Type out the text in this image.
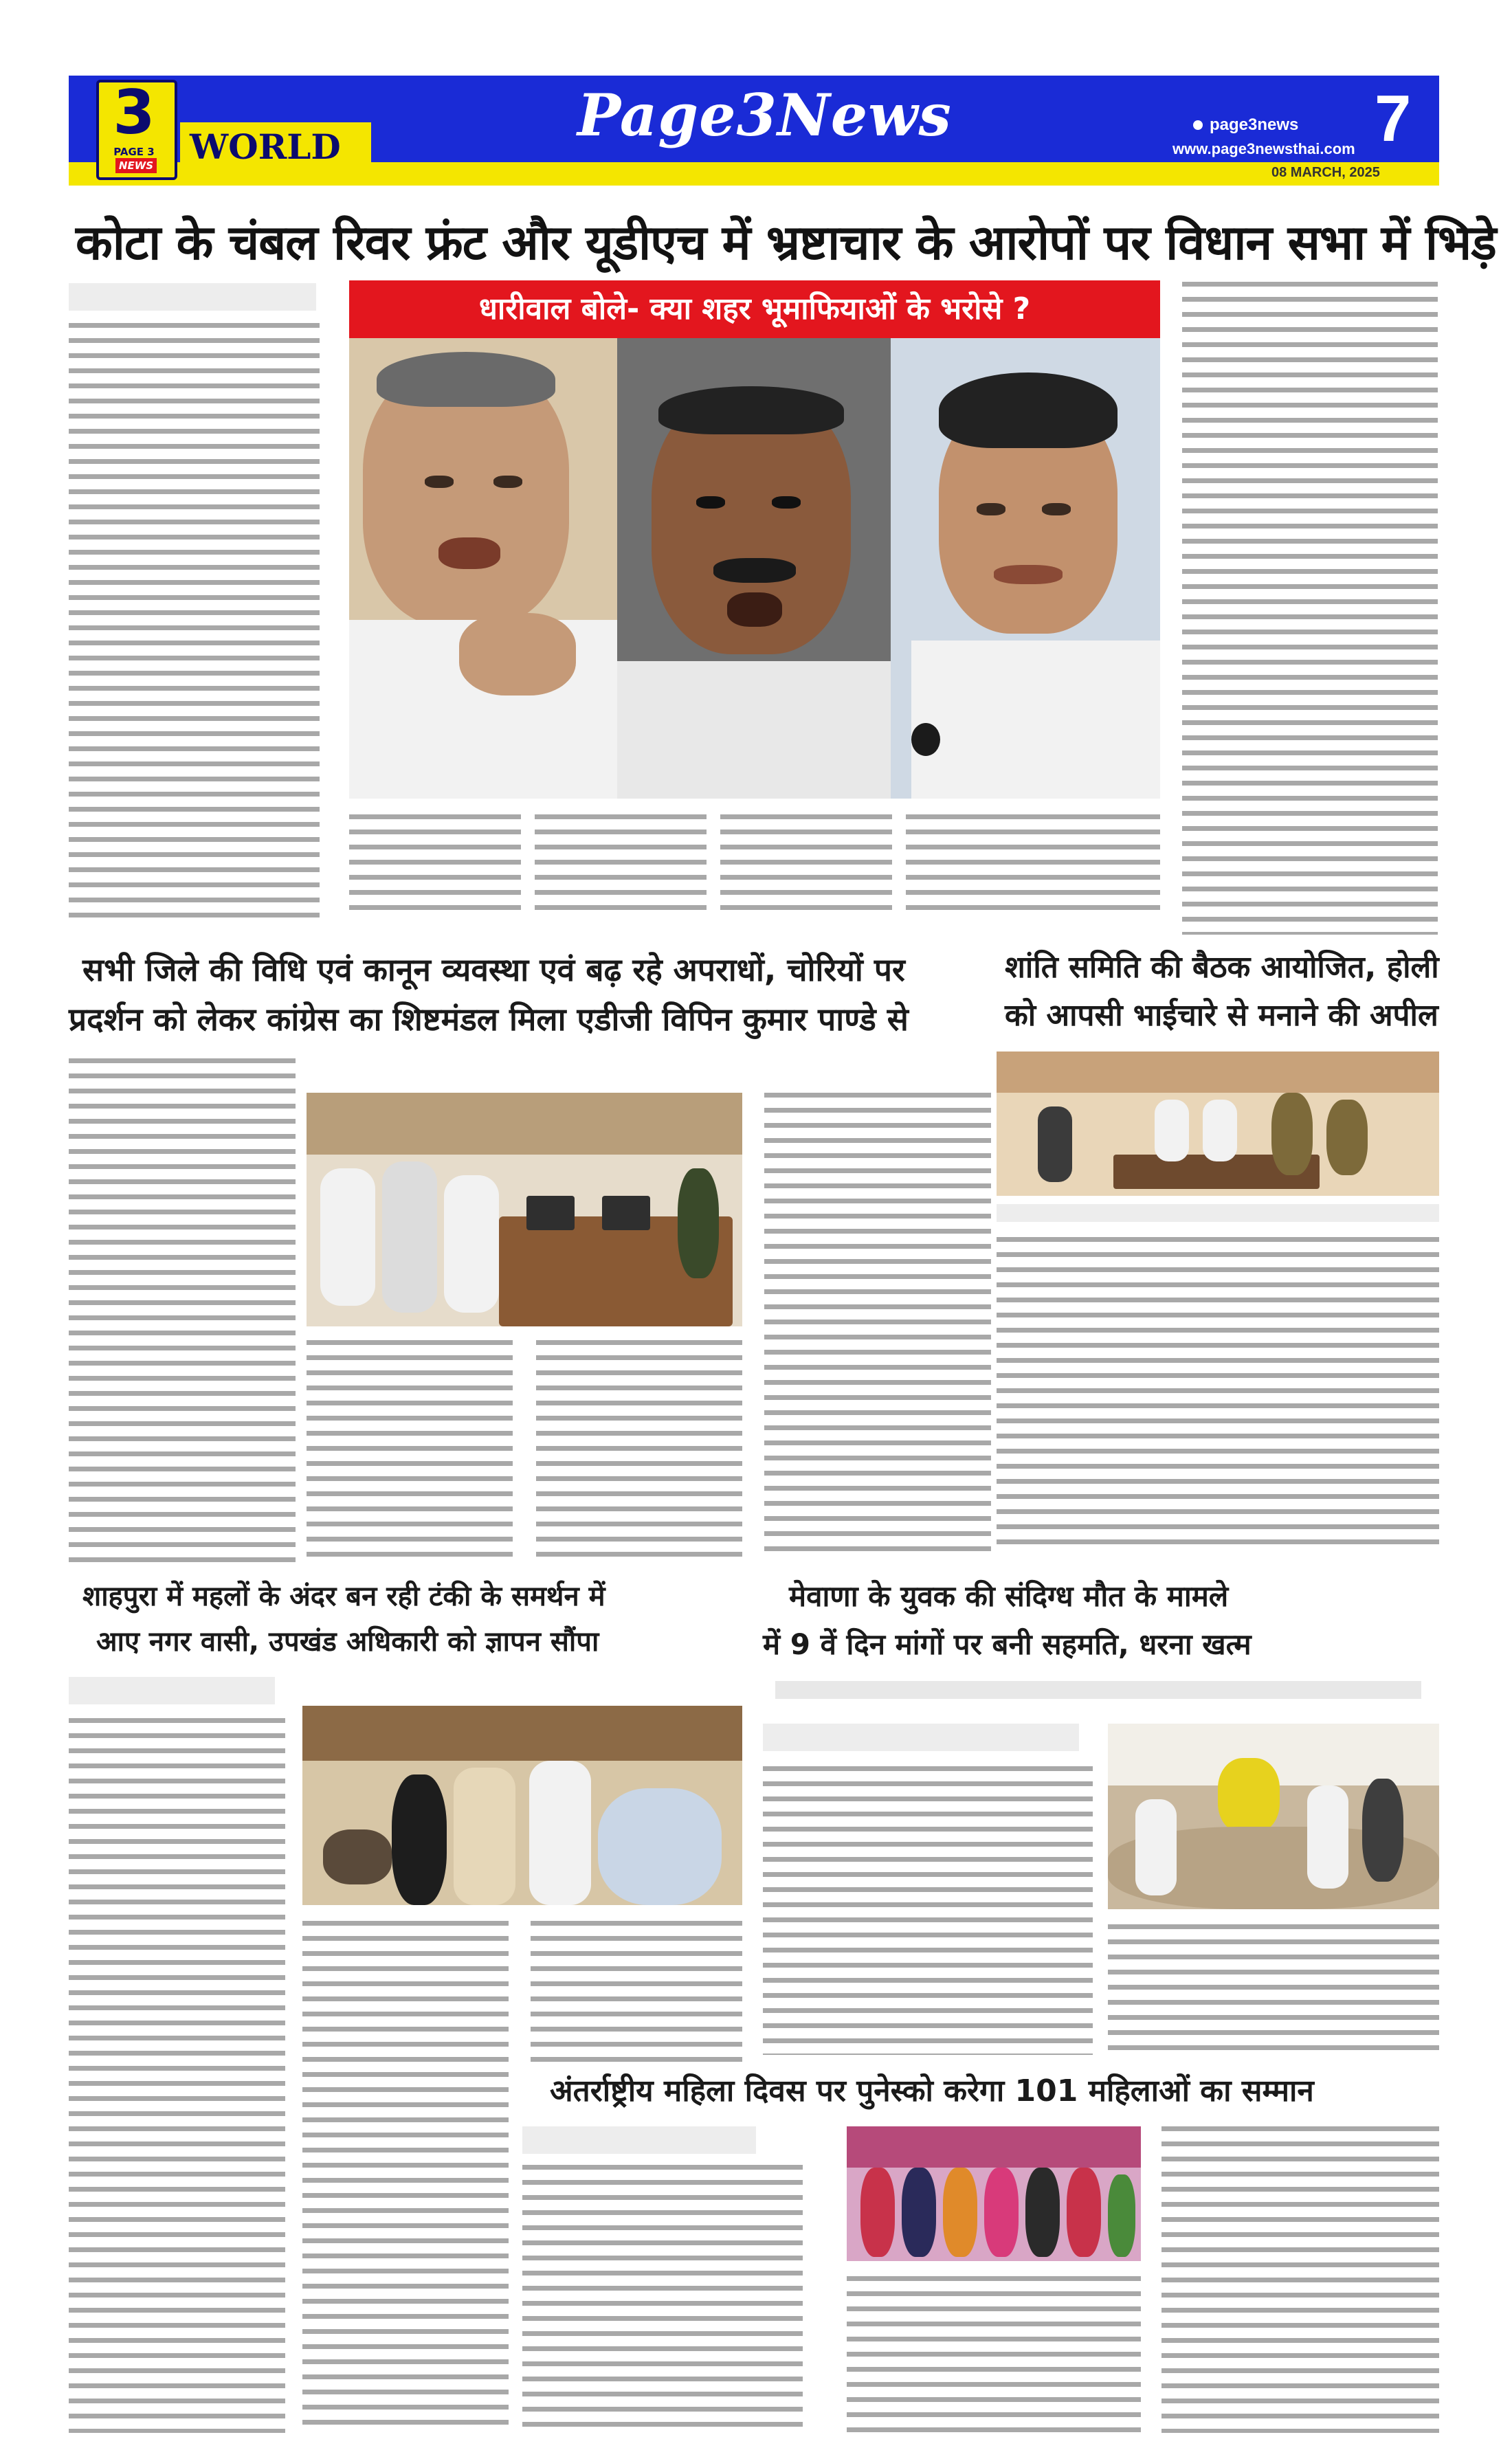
3
PAGE 3
NEWS WORLD	Page3News	page3news
www.page3newsthai.com
08 MARCH, 2025
7
कोटा के चंबल रिवर फ्रंट और यूडीएच में भ्रष्टाचार के आरोपों पर विधान सभा में भिड़े
धारीवाल बोले- क्या शहर भूमाफियाओं के भरोसे ?
सभी जिले की विधि एवं कानून व्यवस्था एवं बढ़ रहे अपराधों, चोरियों पर
प्रदर्शन को लेकर कांग्रेस का शिष्टमंडल मिला एडीजी विपिन कुमार पाण्डे से
शांति समिति की बैठक आयोजित, होली
को आपसी भाईचारे से मनाने की अपील
शाहपुरा में महलों के अंदर बन रही टंकी के समर्थन में
आए नगर वासी, उपखंड अधिकारी को ज्ञापन सौंपा
मेवाणा के युवक की संदिग्ध मौत के मामले
में 9 वें दिन मांगों पर बनी सहमति, धरना खत्म
अंतर्राष्ट्रीय महिला दिवस पर पुनेस्को करेगा 101 महिलाओं का सम्मान
